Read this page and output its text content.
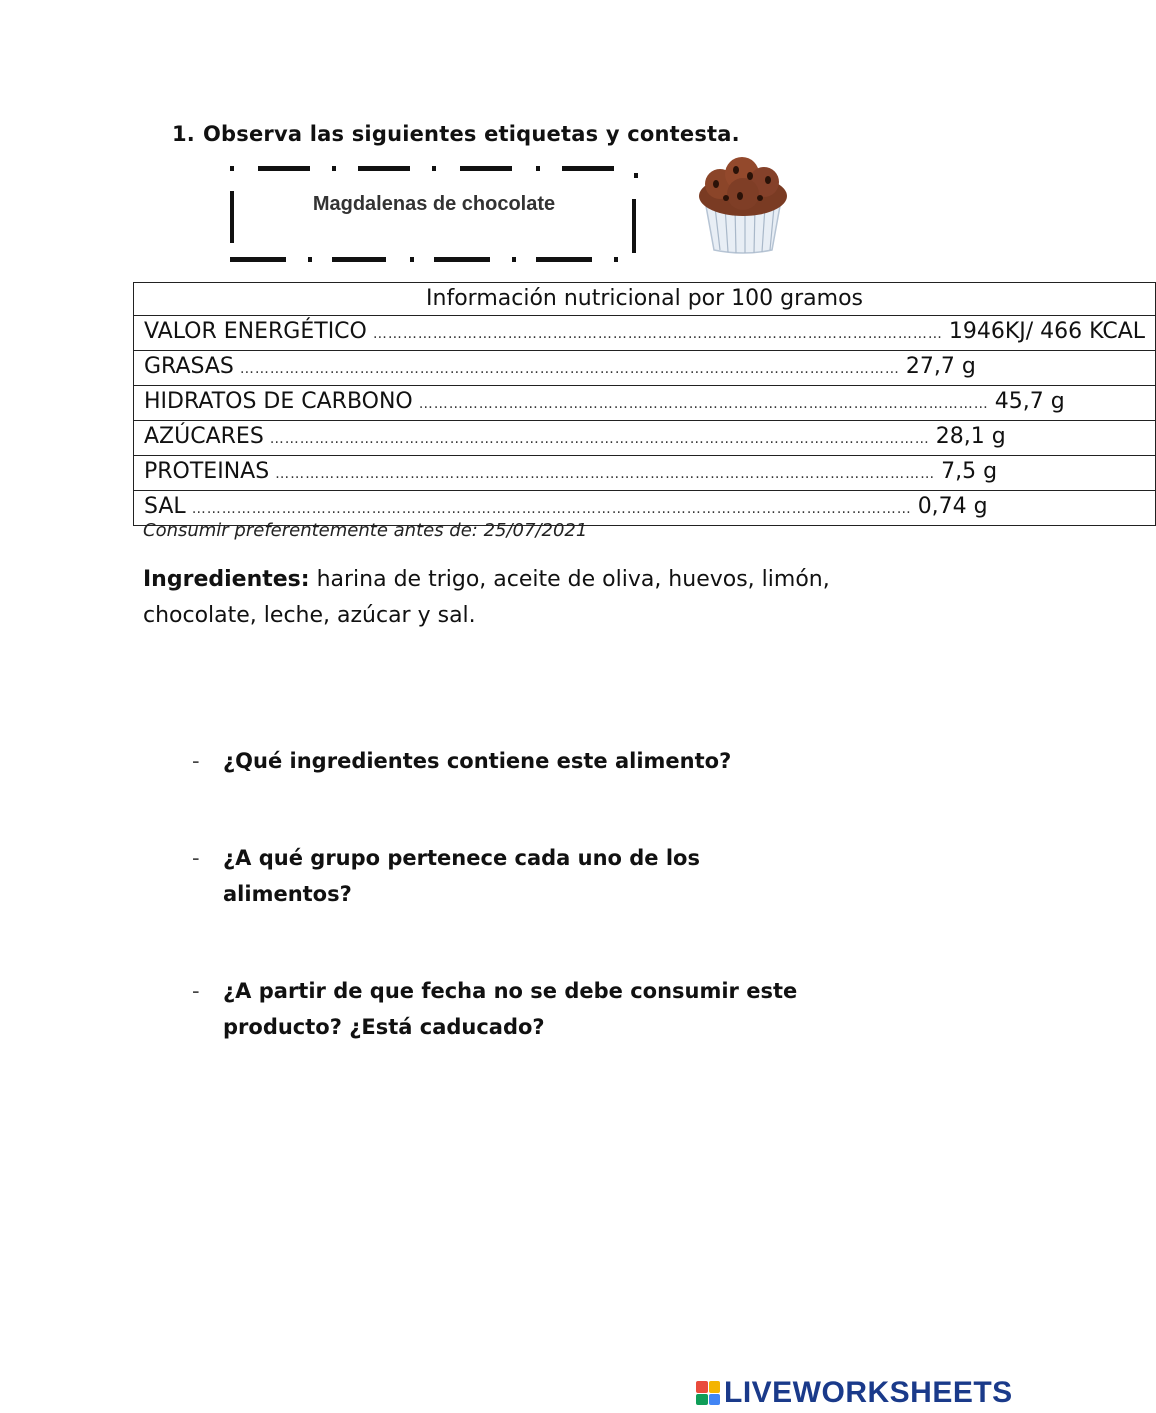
1. Observa las siguientes etiquetas y contesta.
Magdalenas de chocolate
Información nutricional por 100 gramos

VALOR ENERGÉTICO …………………………………………………………………………………………………… 1946KJ/ 466 KCAL

GRASAS …………………………………………………………………………………………………………………… 27,7 g

HIDRATOS DE CARBONO …………………………………………………………………………………………………… 45,7 g

AZÚCARES …………………………………………………………………………………………………………………… 28,1 g

PROTEINAS …………………………………………………………………………………………………………………… 7,5 g

SAL ……………………………………………………………………………………………………………………………… 0,74 g
Consumir preferentemente antes de: 25/07/2021
Ingredientes: harina de trigo, aceite de oliva, huevos, limón, chocolate, leche, azúcar y sal.
- ¿Qué ingredientes contiene este alimento?
- ¿A qué grupo pertenece cada uno de los alimentos?
- ¿A partir de que fecha no se debe consumir este producto? ¿Está caducado?
LIVEWORKSHEETS
